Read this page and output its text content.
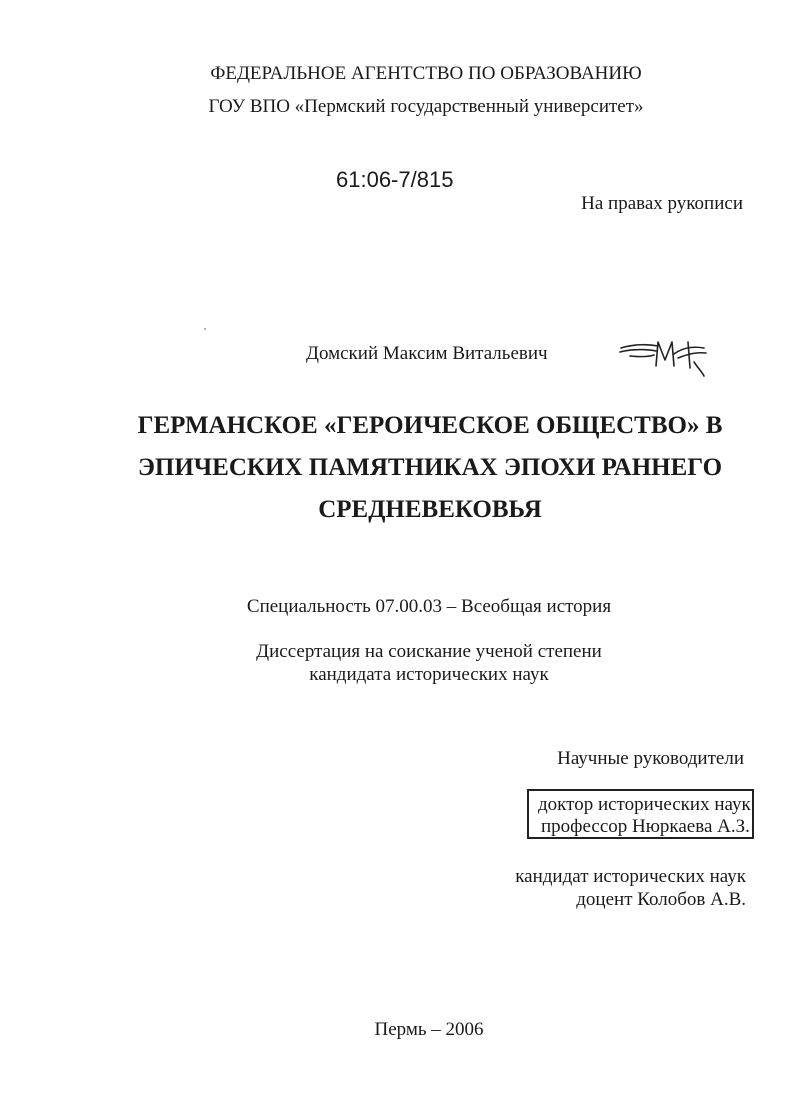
ФЕДЕРАЛЬНОЕ АГЕНТСТВО ПО ОБРАЗОВАНИЮ
ГОУ ВПО «Пермский государственный университет»
61:06-7/815
На правах рукописи
Домский Максим Витальевич
ГЕРМАНСКОЕ «ГЕРОИЧЕСКОЕ ОБЩЕСТВО» В
ЭПИЧЕСКИХ ПАМЯТНИКАХ ЭПОХИ РАННЕГО
СРЕДНЕВЕКОВЬЯ
Специальность 07.00.03 – Всеобщая история
Диссертация на соискание ученой степени
кандидата исторических наук
Научные руководители
доктор исторических наук
профессор Нюркаева А.З.
кандидат исторических наук
доцент Колобов А.В.
Пермь – 2006
